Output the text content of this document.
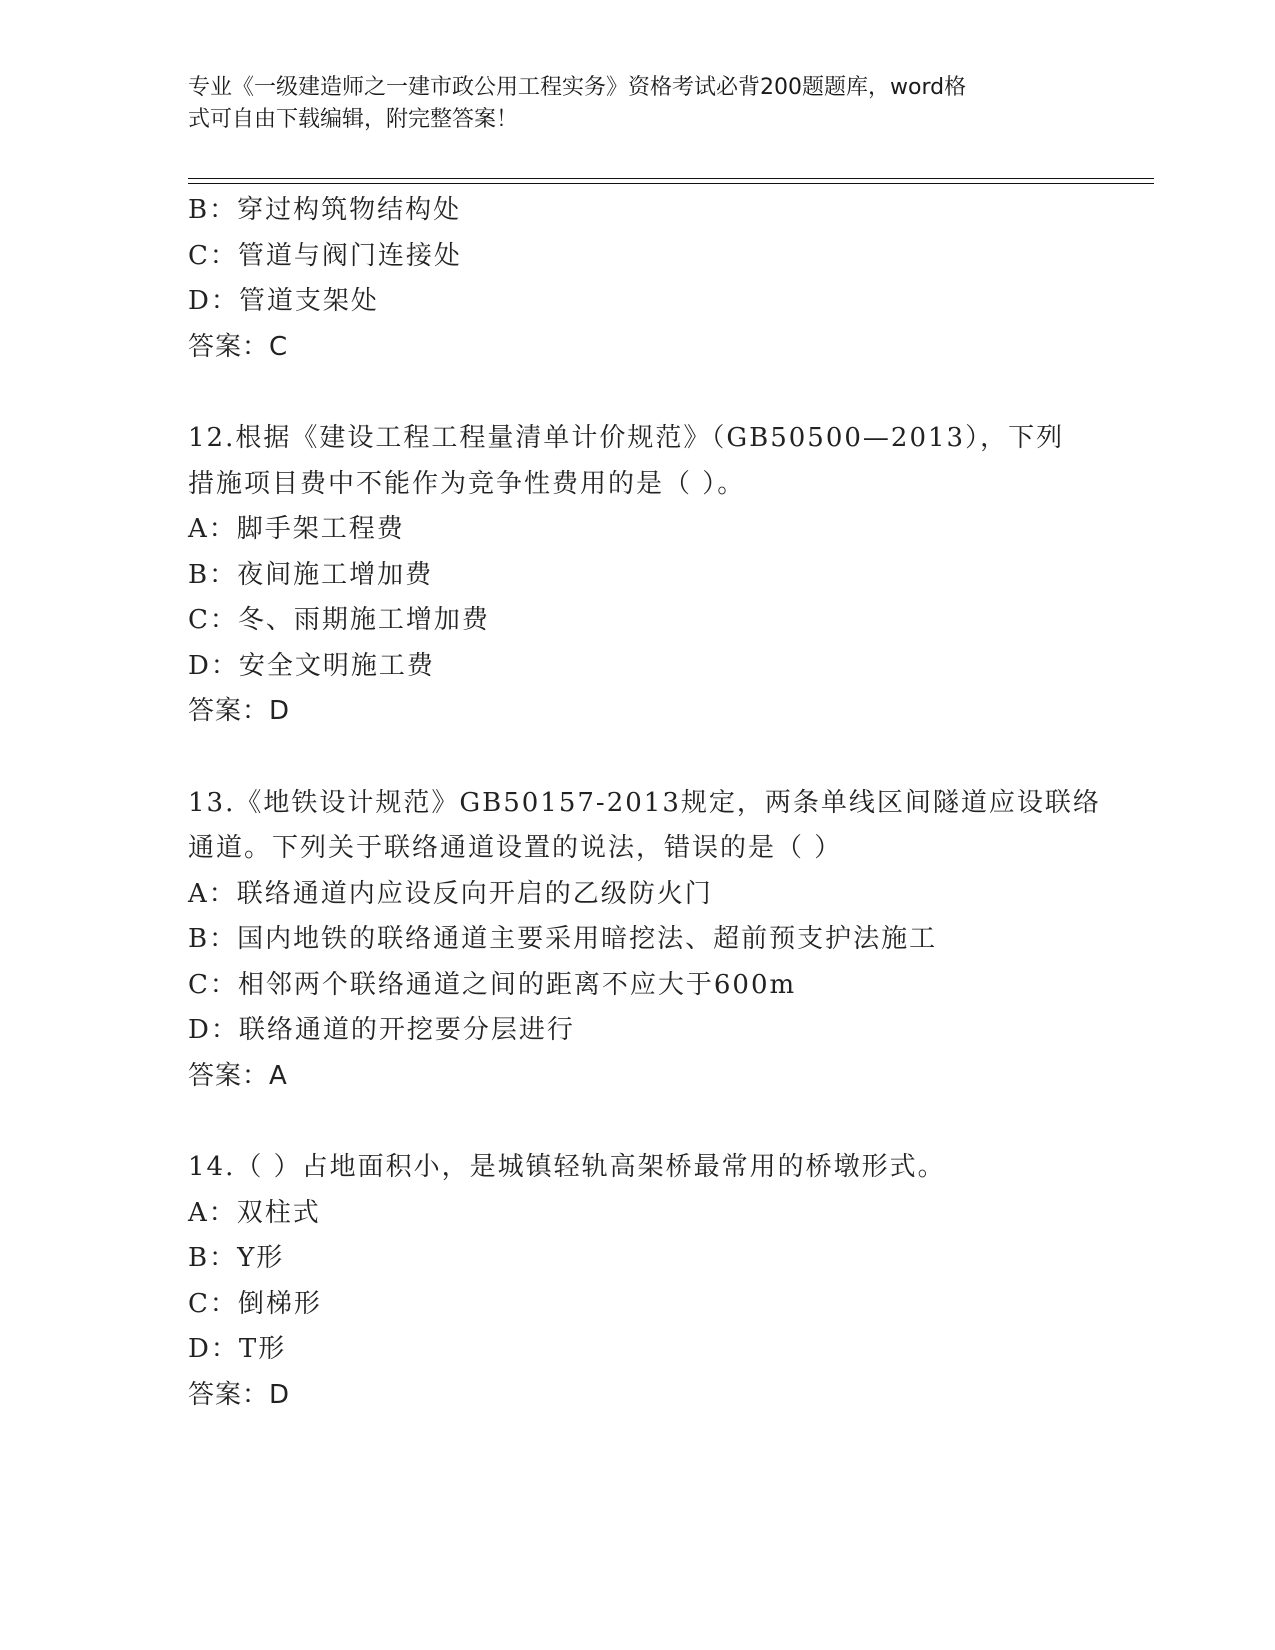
专业《一级建造师之一建市政公用工程实务》资格考试必背200题题库，word格
式可自由下载编辑，附完整答案！
B：穿过构筑物结构处
C：管道与阀门连接处
D：管道支架处
答案：C
12.根据《建设工程工程量清单计价规范》（GB50500—2013），下列
措施项目费中不能作为竞争性费用的是（ ）。
A：脚手架工程费
B：夜间施工增加费
C：冬、雨期施工增加费
D：安全文明施工费
答案：D
13.《地铁设计规范》GB50157-2013规定，两条单线区间隧道应设联络
通道。下列关于联络通道设置的说法，错误的是（ ）
A：联络通道内应设反向开启的乙级防火门
B：国内地铁的联络通道主要采用暗挖法、超前预支护法施工
C：相邻两个联络通道之间的距离不应大于600m
D：联络通道的开挖要分层进行
答案：A
14.（ ）占地面积小，是城镇轻轨高架桥最常用的桥墩形式。
A：双柱式
B：Y形
C：倒梯形
D：T形
答案：D
